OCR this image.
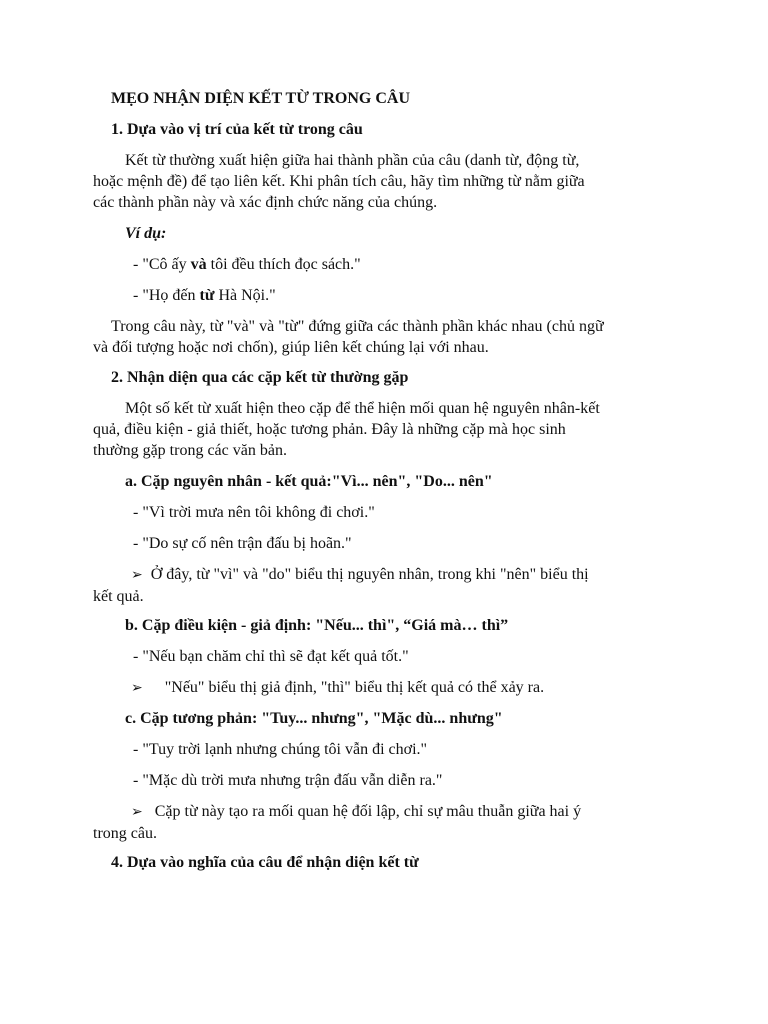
MẸO NHẬN DIỆN KẾT TỪ TRONG CÂU
1. Dựa vào vị trí của kết từ trong câu
Kết từ thường xuất hiện giữa hai thành phần của câu (danh từ, động từ,
hoặc mệnh đề) để tạo liên kết. Khi phân tích câu, hãy tìm những từ nằm giữa
các thành phần này và xác định chức năng của chúng.
Ví dụ:
- "Cô ấy và tôi đều thích đọc sách."
- "Họ đến từ Hà Nội."
Trong câu này, từ "và" và "từ" đứng giữa các thành phần khác nhau (chủ ngữ
và đối tượng hoặc nơi chốn), giúp liên kết chúng lại với nhau.
2. Nhận diện qua các cặp kết từ thường gặp
Một số kết từ xuất hiện theo cặp để thể hiện mối quan hệ nguyên nhân-kết
quả, điều kiện - giả thiết, hoặc tương phản. Đây là những cặp mà học sinh
thường gặp trong các văn bản.
a. Cặp nguyên nhân - kết quả:"Vì... nên", "Do... nên"
- "Vì trời mưa nên tôi không đi chơi."
- "Do sự cố nên trận đấu bị hoãn."
➢ Ở đây, từ "vì" và "do" biểu thị nguyên nhân, trong khi "nên" biểu thị
kết quả.
b. Cặp điều kiện - giả định: "Nếu... thì", “Giá mà… thì”
- "Nếu bạn chăm chỉ thì sẽ đạt kết quả tốt."
➢ "Nếu" biểu thị giả định, "thì" biểu thị kết quả có thể xảy ra.
c. Cặp tương phản: "Tuy... nhưng", "Mặc dù... nhưng"
- "Tuy trời lạnh nhưng chúng tôi vẫn đi chơi."
- "Mặc dù trời mưa nhưng trận đấu vẫn diễn ra."
➢ Cặp từ này tạo ra mối quan hệ đối lập, chỉ sự mâu thuẫn giữa hai ý
trong câu.
4. Dựa vào nghĩa của câu để nhận diện kết từ
